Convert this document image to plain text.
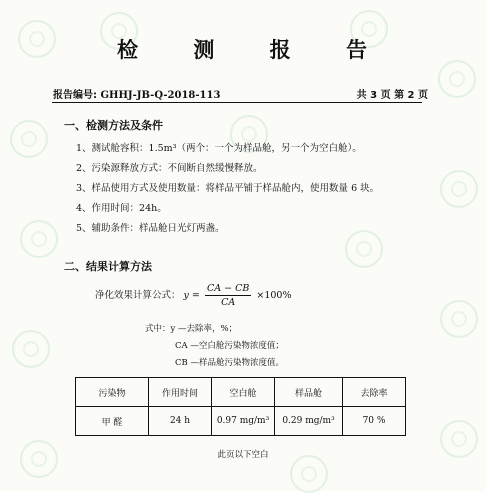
检 测 报 告
报告编号: GHHJ-JB-Q-2018-113	共 3 页 第 2 页
一、检测方法及条件
1、测试舱容积：1.5m³（两个：一个为样品舱，另一个为空白舱）。
2、污染源释放方式：不间断自然缓慢释放。
3、样品使用方式及使用数量：将样品平铺于样品舱内，使用数量 6 块。
4、作用时间：24h。
5、辅助条件：样品舱日光灯两盏。
二、结果计算方法
净化效果计算公式： $y = \frac{CA - CB}{CA} \times 100\%$
式中：y —去除率，%；
CA —空白舱污染物浓度值；
CB —样品舱污染物浓度值。
污染物	作用时间	空白舱	样品舱	去除率
甲 醛	24 h	0.97 mg/m³	0.29 mg/m³	70 %
此页以下空白
